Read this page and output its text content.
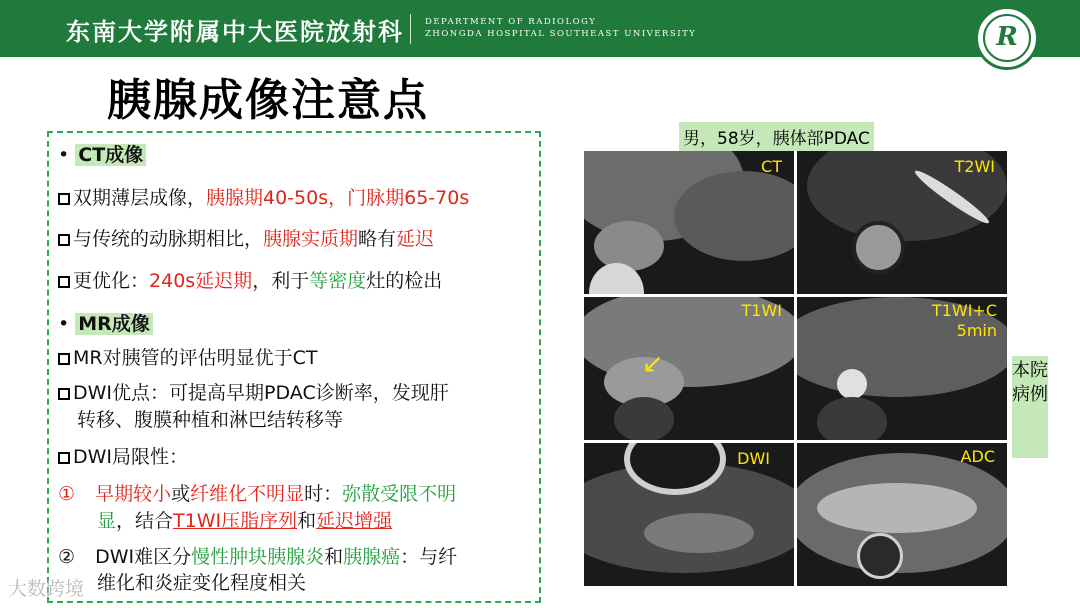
东南大学附属中大医院放射科 DEPARTMENT OF RADIOLOGY
ZHONGDA HOSPITAL SOUTHEAST UNIVERSITY	R
胰腺成像注意点
• CT成像
双期薄层成像，胰腺期40-50s，门脉期65-70s
与传统的动脉期相比，胰腺实质期略有延迟
更优化：240s延迟期，利于等密度灶的检出
• MR成像
MR对胰管的评估明显优于CT
DWI优点：可提高早期PDAC诊断率，发现肝
转移、腹膜种植和淋巴结转移等
DWI局限性：
① 早期较小或纤维化不明显时：弥散受限不明
显，结合T1WI压脂序列和延迟增强
② DWI难区分慢性肿块胰腺炎和胰腺癌：与纤
维化和炎症变化程度相关
男，58岁，胰体部PDAC
CT	T2WI
↙
T1WI	T1WI+C
5min
DWI	ADC
本院病例
大数跨境
